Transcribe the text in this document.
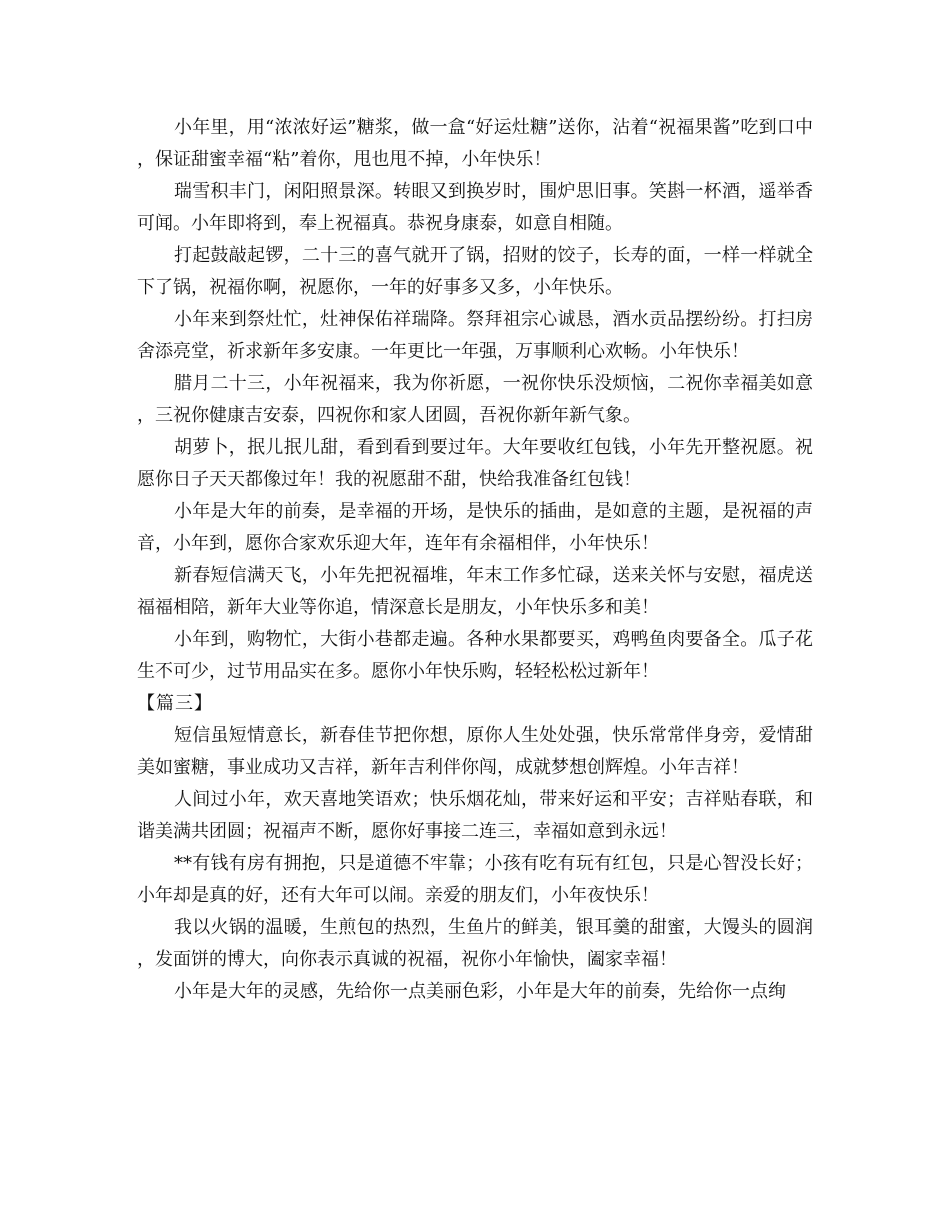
小年里，用“浓浓好运”糖浆，做一盒“好运灶糖”送你，沾着“祝福果酱”吃到口中，保证甜蜜幸福“粘”着你，甩也甩不掉，小年快乐！

瑞雪积丰门，闲阳照景深。转眼又到换岁时，围炉思旧事。笑斟一杯酒，遥举香可闻。小年即将到，奉上祝福真。恭祝身康泰，如意自相随。

打起鼓敲起锣，二十三的喜气就开了锅，招财的饺子，长寿的面，一样一样就全下了锅，祝福你啊，祝愿你，一年的好事多又多，小年快乐。

小年来到祭灶忙，灶神保佑祥瑞降。祭拜祖宗心诚恳，酒水贡品摆纷纷。打扫房舍添亮堂，祈求新年多安康。一年更比一年强，万事顺利心欢畅。小年快乐！

腊月二十三，小年祝福来，我为你祈愿，一祝你快乐没烦恼，二祝你幸福美如意，三祝你健康吉安泰，四祝你和家人团圆，吾祝你新年新气象。

胡萝卜，抿儿抿儿甜，看到看到要过年。大年要收红包钱，小年先开整祝愿。祝愿你日子天天都像过年！我的祝愿甜不甜，快给我准备红包钱！

小年是大年的前奏，是幸福的开场，是快乐的插曲，是如意的主题，是祝福的声音，小年到，愿你合家欢乐迎大年，连年有余福相伴，小年快乐！

新春短信满天飞，小年先把祝福堆，年末工作多忙碌，送来关怀与安慰，福虎送福福相陪，新年大业等你追，情深意长是朋友，小年快乐多和美！

小年到，购物忙，大街小巷都走遍。各种水果都要买，鸡鸭鱼肉要备全。瓜子花生不可少，过节用品实在多。愿你小年快乐购，轻轻松松过新年！

【篇三】

短信虽短情意长，新春佳节把你想，原你人生处处强，快乐常常伴身旁，爱情甜美如蜜糖，事业成功又吉祥，新年吉利伴你闯，成就梦想创辉煌。小年吉祥！

人间过小年，欢天喜地笑语欢；快乐烟花灿，带来好运和平安；吉祥贴春联，和谐美满共团圆；祝福声不断，愿你好事接二连三，幸福如意到永远！

**有钱有房有拥抱，只是道德不牢靠；小孩有吃有玩有红包，只是心智没长好；小年却是真的好，还有大年可以闹。亲爱的朋友们，小年夜快乐！

我以火锅的温暖，生煎包的热烈，生鱼片的鲜美，银耳羹的甜蜜，大馒头的圆润，发面饼的博大，向你表示真诚的祝福，祝你小年愉快，阖家幸福！

小年是大年的灵感，先给你一点美丽色彩，小年是大年的前奏，先给你一点绚
